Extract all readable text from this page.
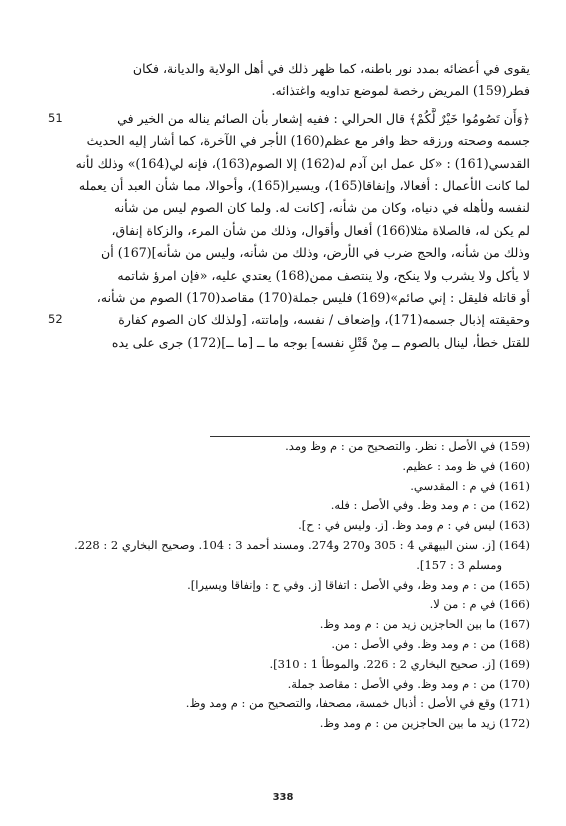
يقوى في أعضائه بمدد نور باطنه، كما ظهر ذلك في أهل الولاية والديانة، فكان
فطر(159) المريض رخصة لموضع تداويه واغتذائه.
51	﴿وَأَن تَصُومُوا خَيْرٌ لَّكُمْ﴾ قال الحرالي : ففيه إشعار بأن الصائم يناله من الخير في
جسمه وصحته ورزقه حظ وافر مع عظم(160) الأجر في الآخرة، كما أشار إليه الحديث
القدسي(161) : «كل عمل ابن آدم له(162) إلا الصوم(163)، فإنه لي(164)» وذلك لأنه
لما كانت الأعمال : أفعالا، وإنفاقا(165)، ويسيرا(165)، وأحوالا، مما شأن العبد أن يعمله
لنفسه ولأهله في دنياه، وكان من شأنه، [كانت له. ولما كان الصوم ليس من شأنه
لم يكن له، فالصلاة مثلا(166) أفعال وأقوال، وذلك من شأن المرء، والزكاة إنفاق،
وذلك من شأنه، والحج ضرب في الأرض، وذلك من شأنه، وليس من شأنه](167) أن
لا يأكل ولا يشرب ولا ينكح، ولا ينتصف ممن(168) يعتدي عليه، «فإن امرؤ شاتمه
أو قاتله فليقل : إني صائم»(169) فليس جملة(170) مقاصد(170) الصوم من شأنه،
52	وحقيقته إذبال جسمه(171)، وإضعاف / نفسه، وإماتته، [ولذلك كان الصوم كفارة
للقتل خطأ، لينال بالصوم ــ مِنْ قَتْلِ نفسه] بوجه ما ــ [ما ــ](172) جرى على يده
(159) في الأصل : نظر. والتصحيح من : م وظ ومد.
(160) في ظ ومد : عظيم.
(161) في م : المقدسي.
(162) من : م ومد وظ. وفي الأصل : فله.
(163) ليس في : م ومد وظ. [ز. وليس في : ح].
(164) [ز. سنن البيهقي 4 : 305 و270 و274. ومسند أحمد 3 : 104. وصحيح البخاري 2 : 228.
ومسلم 3 : 157].
(165) من : م ومد وظ، وفي الأصل : اتفاقا [ز. وفي ح : وإنفاقا ويسيرا].
(166) في م : من لا.
(167) ما بين الحاجزين زيد من : م ومد وظ.
(168) من : م ومد وظ. وفي الأصل : من.
(169) [ز. صحيح البخاري 2 : 226. والموطأ 1 : 310].
(170) من : م ومد وظ. وفي الأصل : مقاصد جملة.
(171) وقع في الأصل : أذبال خمسة، مصحفا، والتصحيح من : م ومد وظ.
(172) زيد ما بين الحاجزين من : م ومد وظ.
338
